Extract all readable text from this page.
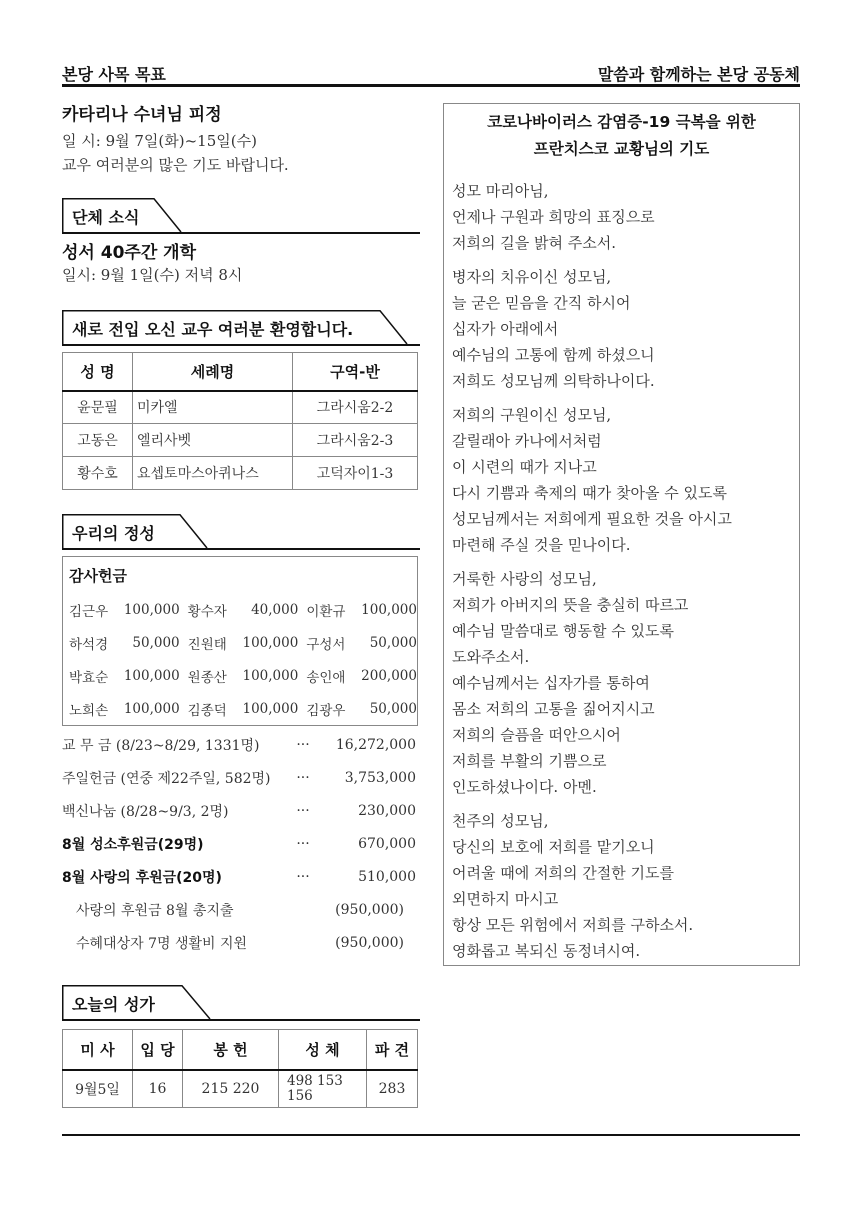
본당 사목 목표	말씀과 함께하는 본당 공동체
카타리나 수녀님 피정
일 시: 9월 7일(화)~15일(수)
교우 여러분의 많은 기도 바랍니다.
단체 소식
성서 40주간 개학
일시: 9월 1일(수) 저녁 8시
새로 전입 오신 교우 여러분 환영합니다.
성 명	세례명	구역-반
윤문필	미카엘	그라시움2-2
고동은	엘리사벳	그라시움2-3
황수호	요셉토마스아퀴나스	고덕자이1-3
우리의 정성
감사헌금
김근우	100,000 황수자	40,000 이환규	100,000
하석경	50,000 진원태	100,000 구성서	50,000
박효순	100,000 원종산	100,000 송인애	200,000
노희손	100,000 김종덕	100,000 김광우	50,000
교 무 금 (8/23~8/29, 1331명)	···	16,272,000
주일헌금 (연중 제22주일, 582명)	···	3,753,000
백신나눔 (8/28~9/3, 2명)	···	230,000
8월 성소후원금(29명)	···	670,000
8월 사랑의 후원금(20명)	···	510,000
사랑의 후원금 8월 총지출	(950,000)
수혜대상자 7명 생활비 지원	(950,000)
오늘의 성가
미 사	입 당	봉 헌	성 체	파 견
9월5일	16	215 220	498 153 156	283
코로나바이러스 감염증-19 극복을 위한
프란치스코 교황님의 기도
성모 마리아님,
언제나 구원과 희망의 표징으로
저희의 길을 밝혀 주소서.
병자의 치유이신 성모님,
늘 굳은 믿음을 간직 하시어
십자가 아래에서
예수님의 고통에 함께 하셨으니
저희도 성모님께 의탁하나이다.
저희의 구원이신 성모님,
갈릴래아 카나에서처럼
이 시련의 때가 지나고
다시 기쁨과 축제의 때가 찾아올 수 있도록
성모님께서는 저희에게 필요한 것을 아시고
마련해 주실 것을 믿나이다.
거룩한 사랑의 성모님,
저희가 아버지의 뜻을 충실히 따르고
예수님 말씀대로 행동할 수 있도록
도와주소서.
예수님께서는 십자가를 통하여
몸소 저희의 고통을 짊어지시고
저희의 슬픔을 떠안으시어
저희를 부활의 기쁨으로
인도하셨나이다. 아멘.
천주의 성모님,
당신의 보호에 저희를 맡기오니
어려울 때에 저희의 간절한 기도를
외면하지 마시고
항상 모든 위험에서 저희를 구하소서.
영화롭고 복되신 동정녀시여.
